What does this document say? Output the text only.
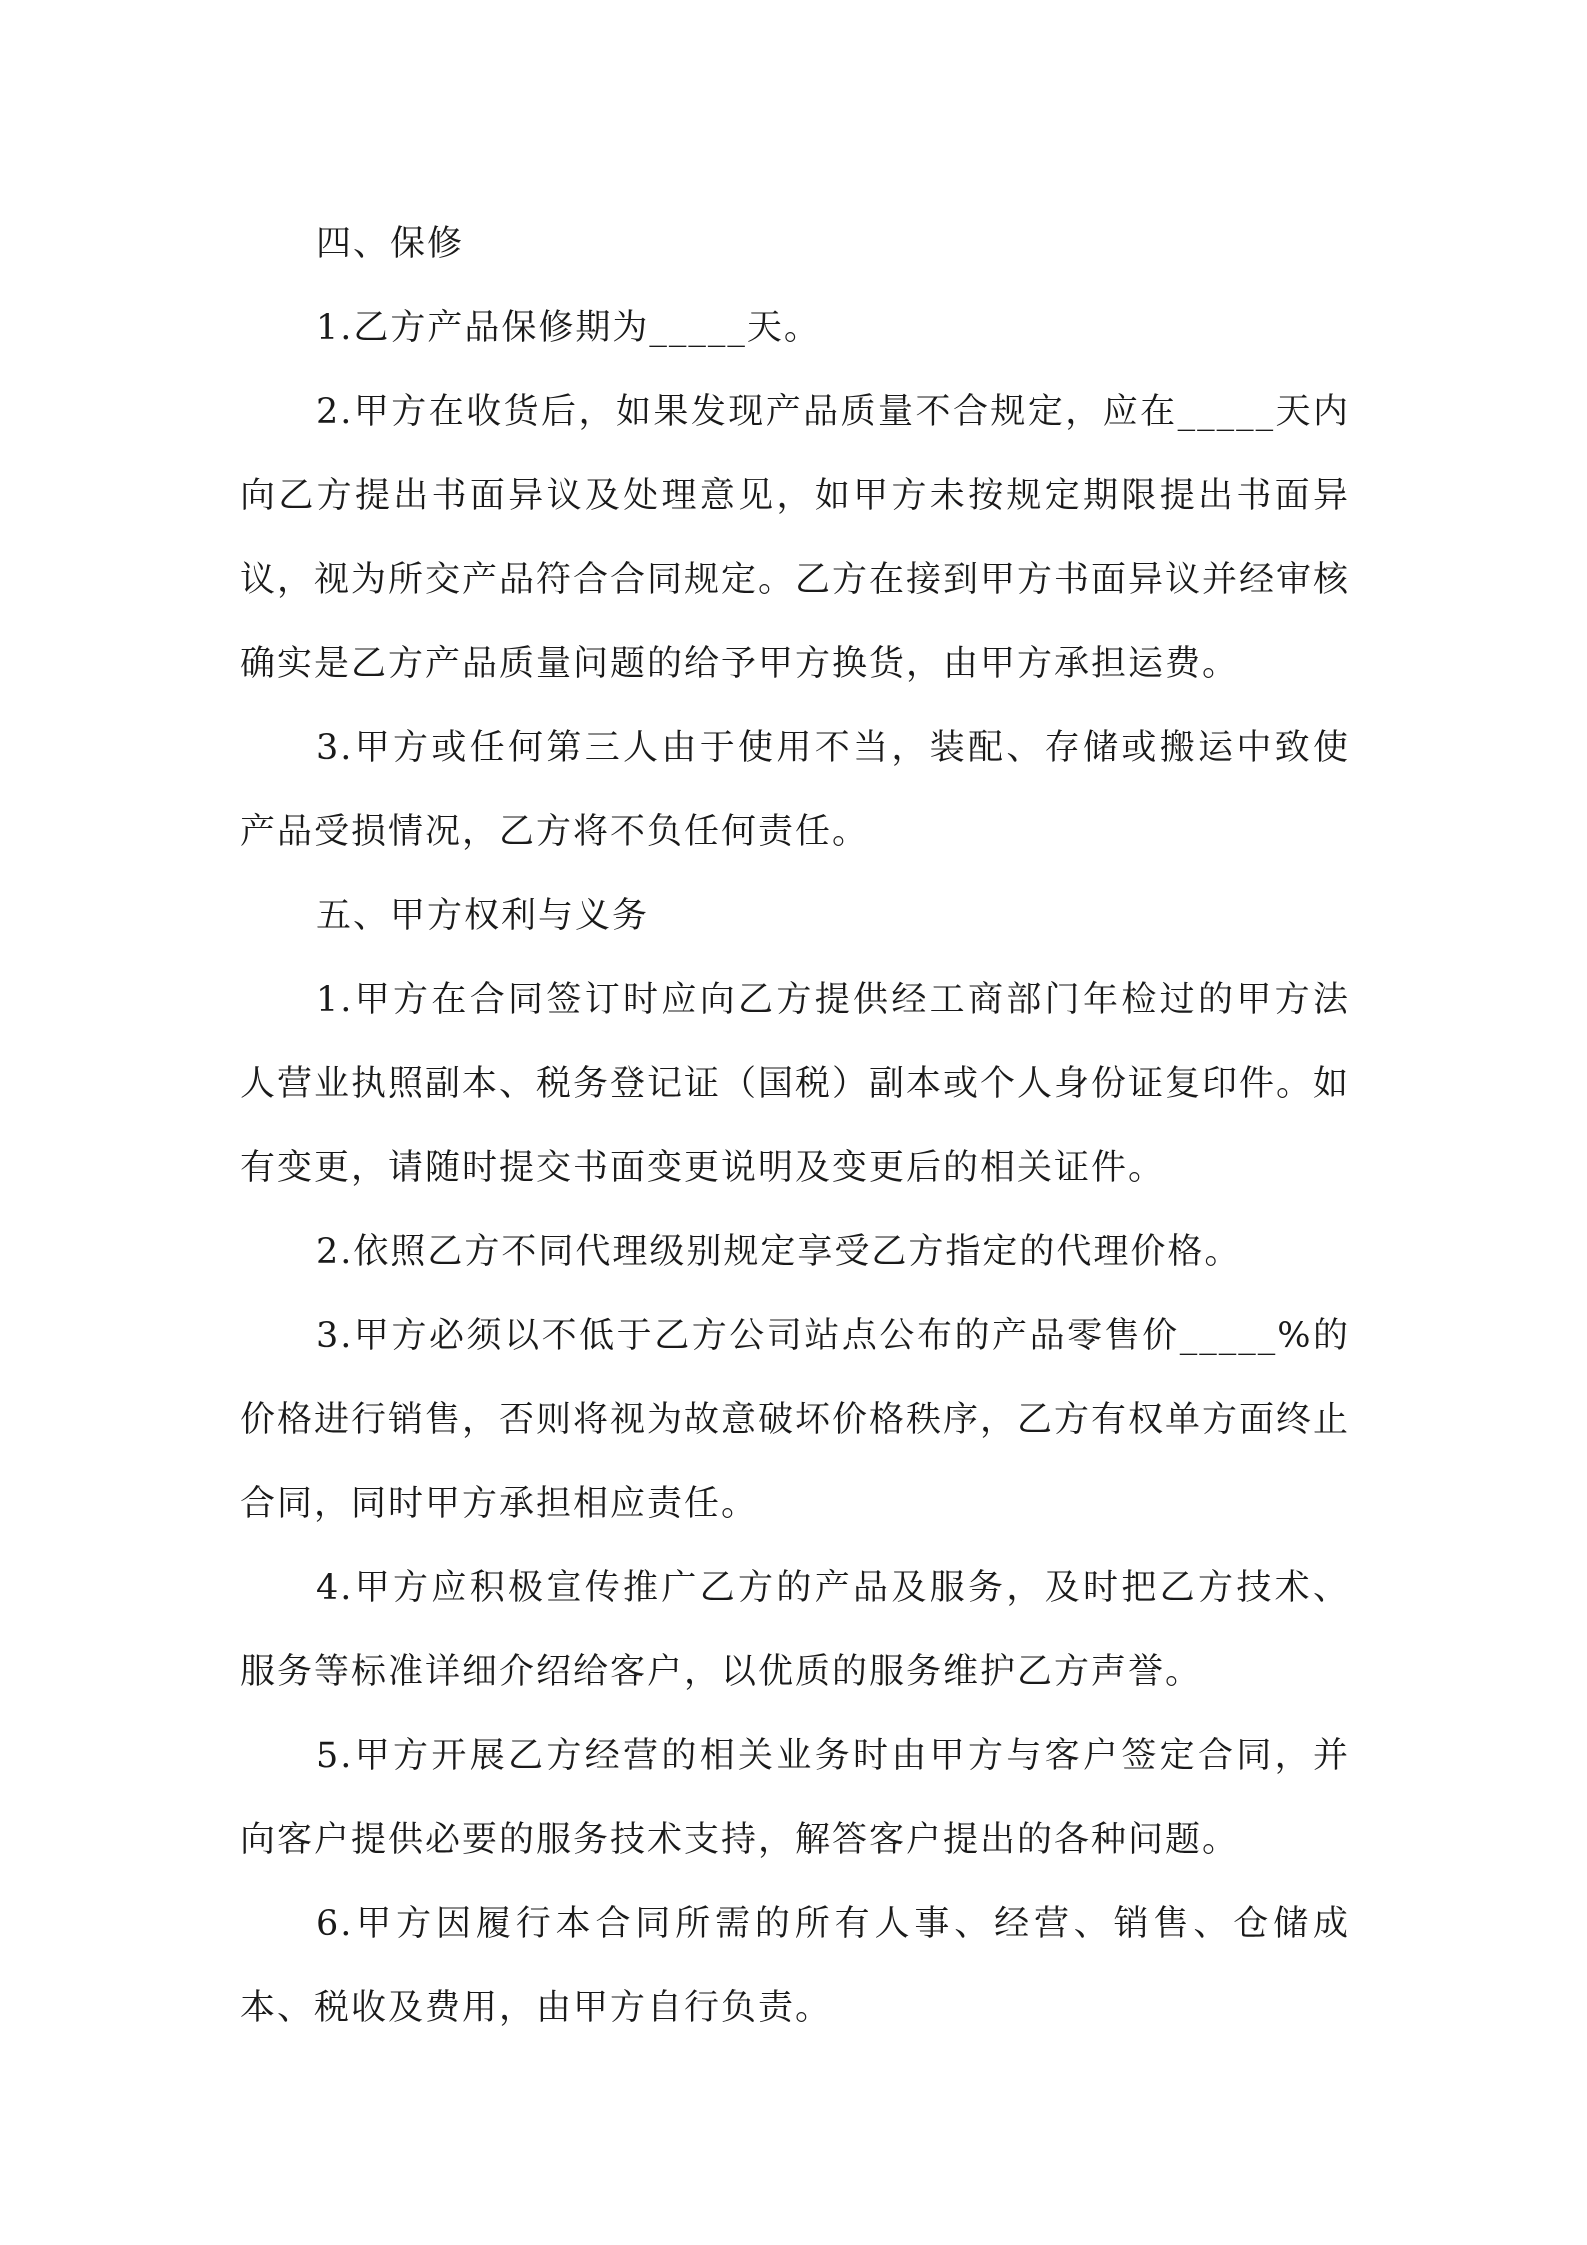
四、保修

1.乙方产品保修期为_____天。

2.甲方在收货后，如果发现产品质量不合规定，应在_____天内向乙方提出书面异议及处理意见，如甲方未按规定期限提出书面异议，视为所交产品符合合同规定。乙方在接到甲方书面异议并经审核确实是乙方产品质量问题的给予甲方换货，由甲方承担运费。

3.甲方或任何第三人由于使用不当，装配、存储或搬运中致使产品受损情况，乙方将不负任何责任。

五、甲方权利与义务

1.甲方在合同签订时应向乙方提供经工商部门年检过的甲方法人营业执照副本、税务登记证（国税）副本或个人身份证复印件。如有变更，请随时提交书面变更说明及变更后的相关证件。

2.依照乙方不同代理级别规定享受乙方指定的代理价格。

3.甲方必须以不低于乙方公司站点公布的产品零售价_____%的价格进行销售，否则将视为故意破坏价格秩序，乙方有权单方面终止合同，同时甲方承担相应责任。

4.甲方应积极宣传推广乙方的产品及服务，及时把乙方技术、服务等标准详细介绍给客户，以优质的服务维护乙方声誉。

5.甲方开展乙方经营的相关业务时由甲方与客户签定合同，并向客户提供必要的服务技术支持，解答客户提出的各种问题。

6.甲方因履行本合同所需的所有人事、经营、销售、仓储成本、税收及费用，由甲方自行负责。
